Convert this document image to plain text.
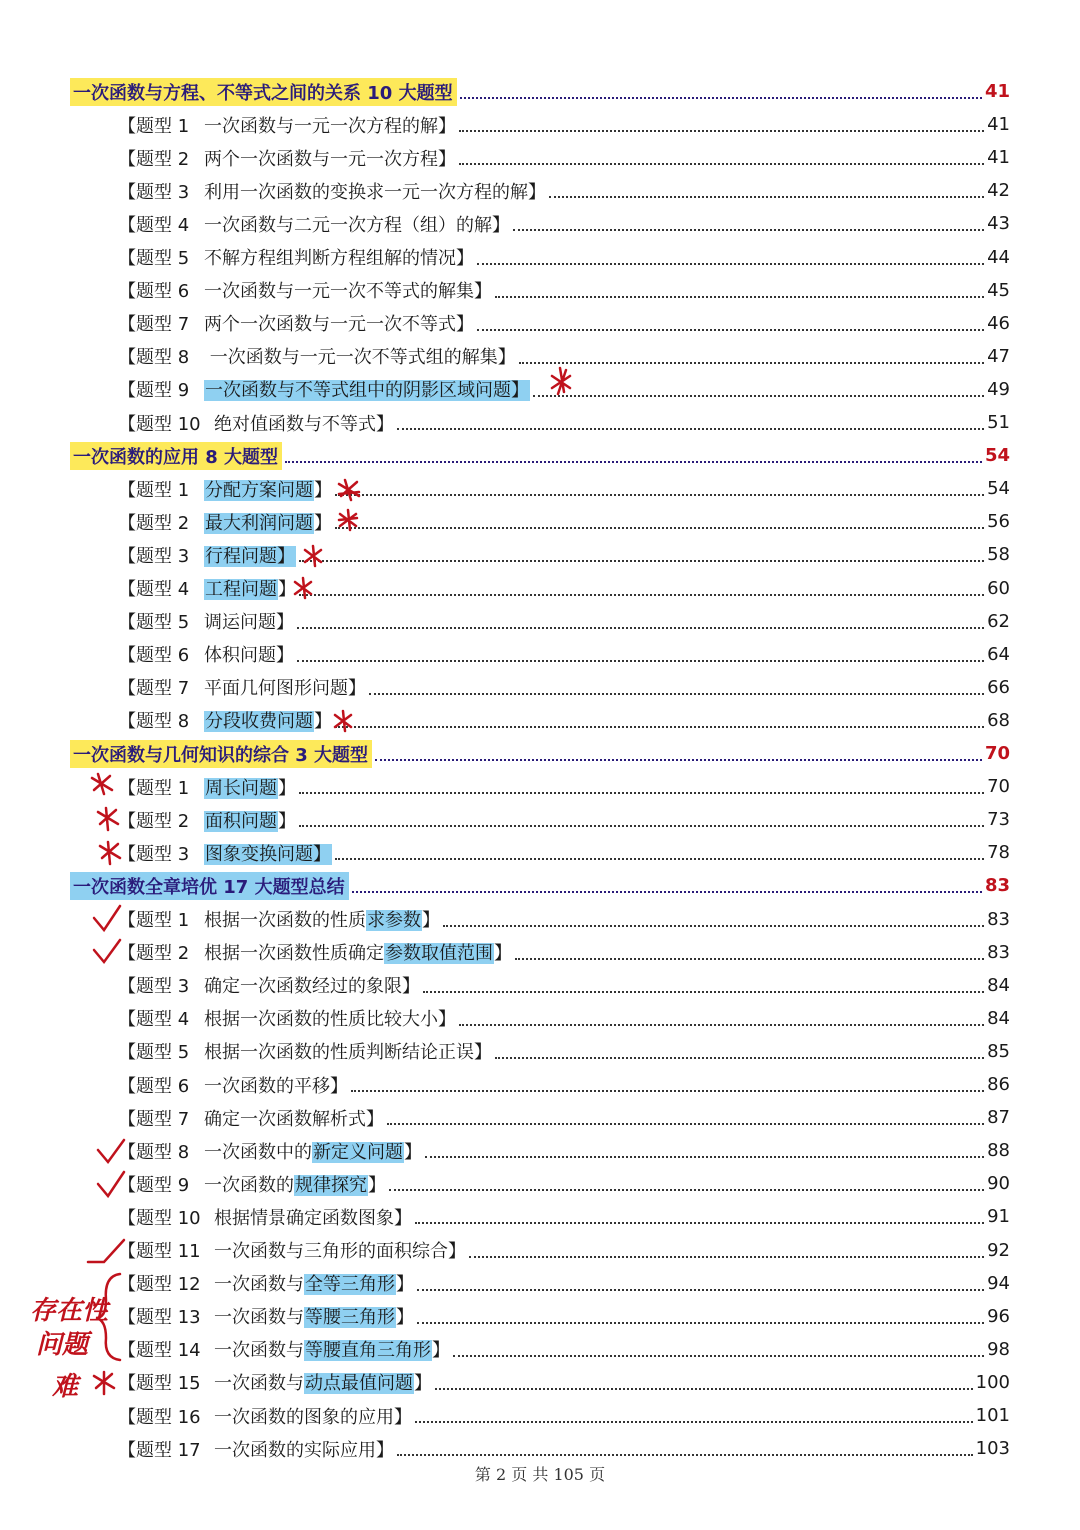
一次函数与方程、不等式之间的关系 10 大题型	41
【题型 1 一次函数与一元一次方程的解】	41
【题型 2 两个一次函数与一元一次方程】	41
【题型 3 利用一次函数的变换求一元一次方程的解】	42
【题型 4 一次函数与二元一次方程（组）的解】	43
【题型 5 不解方程组判断方程组解的情况】	44
【题型 6 一次函数与一元一次不等式的解集】	45
【题型 7 两个一次函数与一元一次不等式】	46
【题型 8 一次函数与一元一次不等式组的解集】	47
【题型 9 一次函数与不等式组中的阴影区域问题】	49
【题型 10 绝对值函数与不等式】	51
一次函数的应用 8 大题型	54
【题型 1 分配方案问题】	54
【题型 2 最大利润问题】	56
【题型 3 行程问题】	58
【题型 4 工程问题】	60
【题型 5 调运问题】	62
【题型 6 体积问题】	64
【题型 7 平面几何图形问题】	66
【题型 8 分段收费问题】	68
一次函数与几何知识的综合 3 大题型	70
【题型 1 周长问题】	70
【题型 2 面积问题】	73
【题型 3 图象变换问题】	78
一次函数全章培优 17 大题型总结	83
【题型 1 根据一次函数的性质求参数】	83
【题型 2 根据一次函数性质确定参数取值范围】	83
【题型 3 确定一次函数经过的象限】	84
【题型 4 根据一次函数的性质比较大小】	84
【题型 5 根据一次函数的性质判断结论正误】	85
【题型 6 一次函数的平移】	86
【题型 7 确定一次函数解析式】	87
【题型 8 一次函数中的新定义问题】	88
【题型 9 一次函数的规律探究】	90
【题型 10 根据情景确定函数图象】	91
【题型 11 一次函数与三角形的面积综合】	92
【题型 12 一次函数与全等三角形】	94
【题型 13 一次函数与等腰三角形】	96
【题型 14 一次函数与等腰直角三角形】	98
【题型 15 一次函数与动点最值问题】	100
【题型 16 一次函数的图象的应用】	101
【题型 17 一次函数的实际应用】	103
存在性
问题
难
第 2 页 共 105 页
